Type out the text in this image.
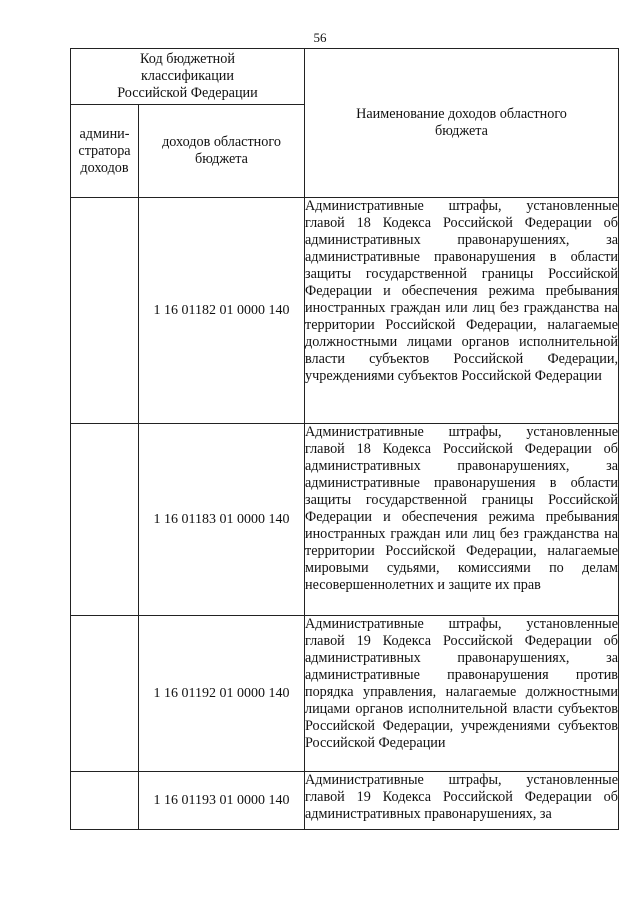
56
Код бюджетной классификации Российской Федерации		Наименование доходов областного бюджета

админи-стратора доходов	доходов областного бюджета	

	1 16 01182 01 0000 140	Административные штрафы, установленные главой 18 Кодекса Российской Федерации об административных правонарушениях, за административные правонарушения в области защиты государственной границы Российской Федерации и обеспечения режима пребывания иностранных граждан или лиц без гражданства на территории Российской Федерации, налагаемые должностными лицами органов исполнительной власти субъектов Российской Федерации, учреждениями субъектов Российской Федерации
	1 16 01183 01 0000 140	Административные штрафы, установленные главой 18 Кодекса Российской Федерации об административных правонарушениях, за административные правонарушения в области защиты государственной границы Российской Федерации и обеспечения режима пребывания иностранных граждан или лиц без гражданства на территории Российской Федерации, налагаемые мировыми судьями, комиссиями по делам несовершеннолетних и защите их прав
	1 16 01192 01 0000 140	Административные штрафы, установленные главой 19 Кодекса Российской Федерации об административных правонарушениях, за административные правонарушения против порядка управления, налагаемые должностными лицами органов исполнительной власти субъектов Российской Федерации, учреждениями субъектов Российской Федерации
	1 16 01193 01 0000 140	Административные штрафы, установленные главой 19 Кодекса Российской Федерации об административных правонарушениях, за
